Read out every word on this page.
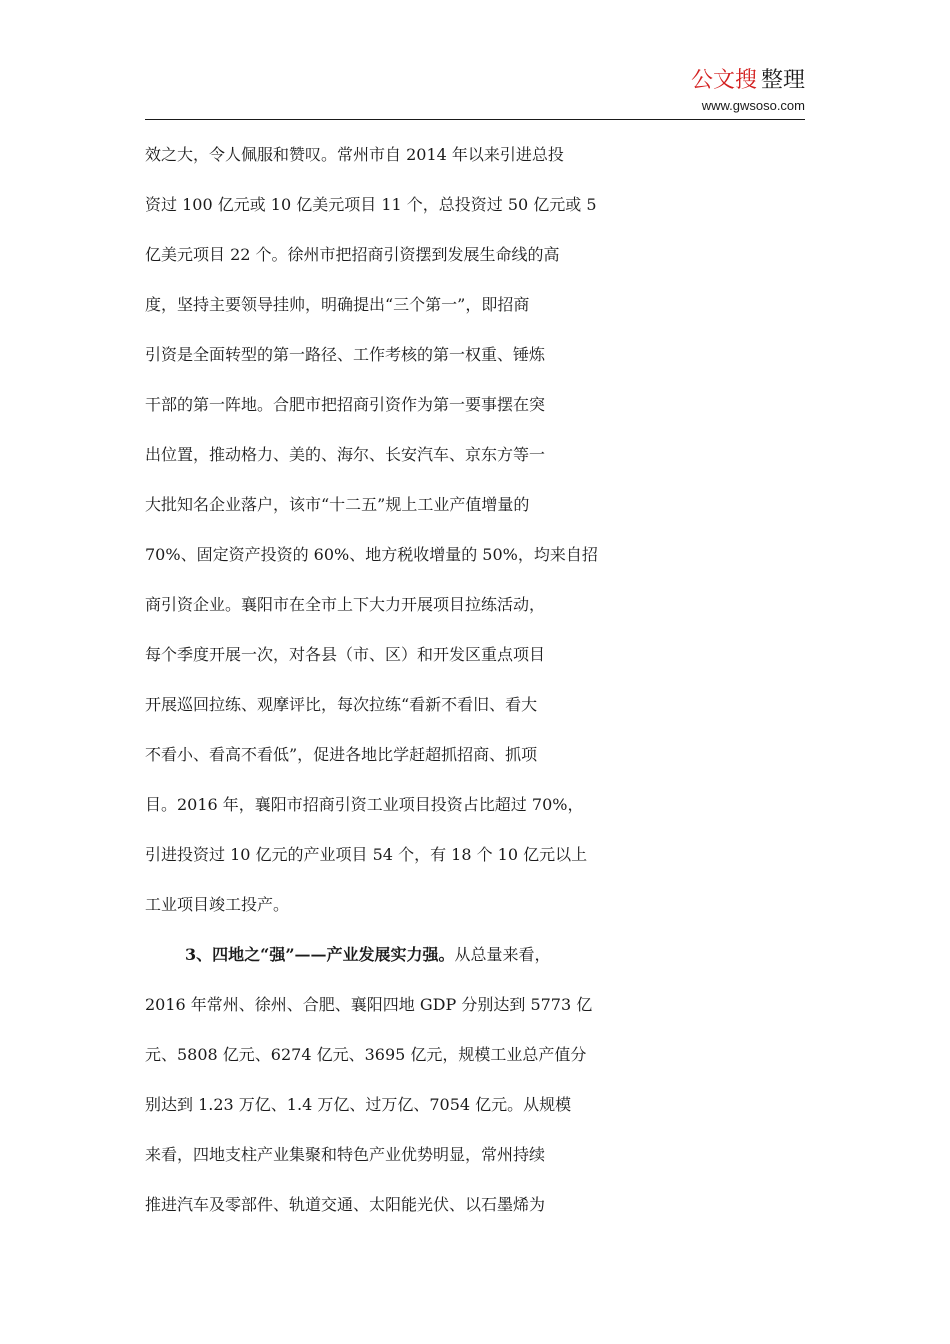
公文搜 整理
www.gwsoso.com
效之大，令人佩服和赞叹。常州市自 2014 年以来引进总投
资过 100 亿元或 10 亿美元项目 11 个，总投资过 50 亿元或 5
亿美元项目 22 个。徐州市把招商引资摆到发展生命线的高
度，坚持主要领导挂帅，明确提出“三个第一”，即招商
引资是全面转型的第一路径、工作考核的第一权重、锤炼
干部的第一阵地。合肥市把招商引资作为第一要事摆在突
出位置，推动格力、美的、海尔、长安汽车、京东方等一
大批知名企业落户，该市“十二五”规上工业产值增量的
70%、固定资产投资的 60%、地方税收增量的 50%，均来自招
商引资企业。襄阳市在全市上下大力开展项目拉练活动，
每个季度开展一次，对各县（市、区）和开发区重点项目
开展巡回拉练、观摩评比，每次拉练“看新不看旧、看大
不看小、看高不看低”，促进各地比学赶超抓招商、抓项
目。2016 年，襄阳市招商引资工业项目投资占比超过 70%，
引进投资过 10 亿元的产业项目 54 个，有 18 个 10 亿元以上
工业项目竣工投产。
3、四地之“强”——产业发展实力强。从总量来看，
2016 年常州、徐州、合肥、襄阳四地 GDP 分别达到 5773 亿
元、5808 亿元、6274 亿元、3695 亿元，规模工业总产值分
别达到 1.23 万亿、1.4 万亿、过万亿、7054 亿元。从规模
来看，四地支柱产业集聚和特色产业优势明显，常州持续
推进汽车及零部件、轨道交通、太阳能光伏、以石墨烯为
